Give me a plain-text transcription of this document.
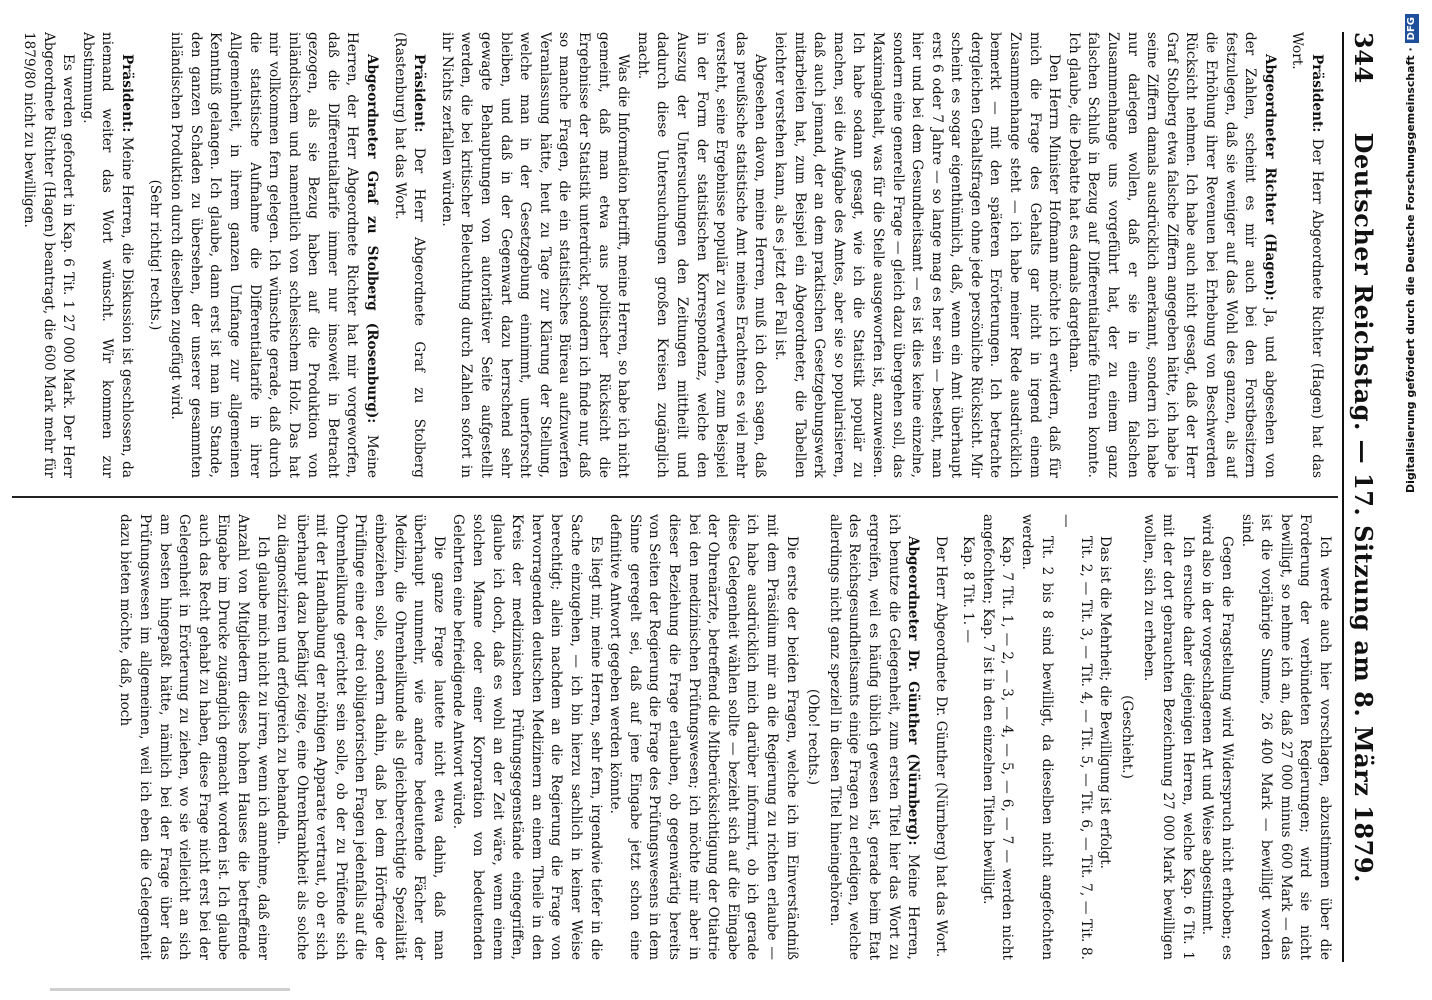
344
Deutscher Reichstag. — 17. Sitzung am 8. März 1879.

Präsident: Der Herr Abgeordnete Richter (Hagen) hat das Wort.

Abgeordneter Richter (Hagen): Ja, und abgesehen von der Zahlen, scheint es mir auch bei den Forstbesitzern festzulegen, daß sie weniger auf das Wohl des ganzen, als auf die Erhöhung ihrer Revenuen bei Erhebung von Beschwerden Rücksicht nehmen. Ich habe auch nicht gesagt, daß der Herr Graf Stolberg etwa falsche Ziffern angegeben hätte, ich habe ja seine Ziffern damals ausdrücklich anerkannt, sondern ich habe nur darlegen wollen, daß er sie in einem falschen Zusammenhange uns vorgeführt hat, der zu einem ganz falschen Schluß in Bezug auf Differentialtarife führen konnte. Ich glaube, die Debatte hat es damals dargethan.

Den Herrn Minister Hofmann möchte ich erwidern, daß für mich die Frage des Gehalts gar nicht in irgend einem Zusammenhange steht — ich habe meiner Rede ausdrücklich bemerkt — mit den späteren Erörterungen. Ich betrachte dergleichen Gehaltsfragen ohne jede persönliche Rücksicht. Mir scheint es sogar eigenthümlich, daß, wenn ein Amt überhaupt erst 6 oder 7 Jahre — so lange mag es her sein — besteht, man hier und bei dem Gesundheitsamt — es ist dies keine einzelne, sondern eine generelle Frage — gleich dazu übergehen soll, das Maximalgehalt, was für die Stelle ausgeworfen ist, anzuweisen. Ich habe sodann gesagt, wie ich die Statistik populär zu machen, sei die Aufgabe des Amtes, aber sie so popularisieren, daß auch jemand, der an dem praktischen Gesetzgebungswerk mitarbeiten hat, zum Beispiel ein Abgeordneter, die Tabellen leichter verstehen kann, als es jetzt der Fall ist.

Abgesehen davon, meine Herren, muß ich doch sagen, daß das preußische statistische Amt meines Erachtens es viel mehr versteht, seine Ergebnisse populär zu verwerthen, zum Beispiel in der Form der statistischen Korrespondenz, welche den Auszug der Untersuchungen den Zeitungen mittheilt und dadurch diese Untersuchungen großen Kreisen zugänglich macht.

Was die Information betrifft, meine Herren, so habe ich nicht gemeint, daß man etwa aus politischer Rücksicht die Ergebnisse der Statistik unterdrückt, sondern ich finde nur, daß so manche Fragen, die ein statistisches Büreau aufzuwerfen Veranlassung hätte, heut zu Tage zur Klärung der Stellung, welche man in der Gesetzgebung einnimmt, unerforscht bleiben, und daß in der Gegenwart dazu herrschend sehr gewagte Behauptungen von autoritativer Seite aufgestellt werden, die bei kritischer Beleuchtung durch Zahlen sofort in ihr Nichts zerfallen würden.

Präsident: Der Herr Abgeordnete Graf zu Stolberg (Rastenburg) hat das Wort.

Abgeordneter Graf zu Stolberg (Rosenburg): Meine Herren, der Herr Abgeordnete Richter hat mir vorgeworfen, daß die Differentialtarife immer nur insoweit in Betracht gezogen, als sie Bezug haben auf die Produktion von inländischem und namentlich von schlesischem Holz. Das hat mir vollkommen fern gelegen. Ich wünschte gerade, daß durch die statistische Aufnahme die Differentialtarife in ihrer Allgemeinheit, in ihrem ganzen Umfange zur allgemeinen Kenntniß gelangen. Ich glaube, dann erst ist man im Stande, den ganzen Schaden zu übersehen, der unserer gesammten inländischen Produktion durch dieselben zugefügt wird.

(Sehr richtig! rechts.)

Präsident: Meine Herren, die Diskussion ist geschlossen, da niemand weiter das Wort wünscht. Wir kommen zur Abstimmung.

Es werden gefordert in Kap. 6 Tit. 1 27 000 Mark. Der Herr Abgeordnete Richter (Hagen) beantragt, die 600 Mark mehr für 1879/80 nicht zu bewilligen.

Ich werde auch hier vorschlagen, abzustimmen über die Forderung der verbündeten Regierungen; wird sie nicht bewilligt, so nehme ich an, daß 27 000 minus 600 Mark — das ist die vorjährige Summe, 26 400 Mark — bewilligt worden sind.

Gegen die Fragstellung wird Widerspruch nicht erhoben; es wird also in der vorgeschlagenen Art und Weise abgestimmt.

Ich ersuche daher diejenigen Herren, welche Kap. 6 Tit. 1 mit der dort gebrauchten Bezeichnung 27 000 Mark bewilligen wollen, sich zu erheben.

(Geschieht.)

Das ist die Mehrheit; die Bewilligung ist erfolgt.

Tit. 2, — Tit. 3, — Tit. 4, — Tit. 5, — Tit. 6, — Tit. 7, — Tit. 8. —

Tit. 2 bis 8 sind bewilligt, da dieselben nicht angefochten werden.

Kap. 7 Tit. 1, — 2, — 3, — 4, — 5, — 6, — 7 — werden nicht angefochten; Kap. 7 ist in den einzelnen Titeln bewilligt.

Kap. 8 Tit. 1. —

Der Herr Abgeordnete Dr. Günther (Nürnberg) hat das Wort.

Abgeordneter Dr. Günther (Nürnberg): Meine Herren, ich benutze die Gelegenheit, zum ersten Titel hier das Wort zu ergreifen, weil es häufig üblich gewesen ist, gerade beim Etat des Reichsgesundheitsamts einige Fragen zu erledigen, welche allerdings nicht ganz speziell in diesen Titel hineingehören.

(Oho! rechts.)

Die erste der beiden Fragen, welche ich im Einverständniß mit dem Präsidium mir an die Regierung zu richten erlaube — ich habe ausdrücklich mich darüber informirt, ob ich gerade diese Gelegenheit wählen sollte — bezieht sich auf die Eingabe der Ohrenärzte, betreffend die Mitberücksichtigung der Otiatrie bei den medizinischen Prüfungswesen; ich möchte mir aber in dieser Beziehung die Frage erlauben, ob gegenwärtig bereits von Seiten der Regierung die Frage des Prüfungswesens in dem Sinne geregelt sei, daß auf jene Eingabe jetzt schon eine definitive Antwort gegeben werden könnte.

Es liegt mir, meine Herren, sehr fern, irgendwie tiefer in die Sache einzugehen, — ich bin hierzu sachlich in keiner Weise berechtigt; allein nachdem an die Regierung die Frage von hervorragenden deutschen Medizinern an einem Theile in den Kreis der medizinischen Prüfungsgegenstände eingegriffen, glaube ich doch, daß es wohl an der Zeit wäre, wenn einem solchen Manne oder einer Korporation von bedeutenden Gelehrten eine befriedigende Antwort würde.

Die ganze Frage lautete nicht etwa dahin, daß man überhaupt nunmehr, wie andere bedeutende Fächer der Medizin, die Ohrenheilkunde als gleichberechtigte Spezialität einbeziehen solle, sondern dahin, daß bei dem Hörfrage der Prüflinge eine der drei obligatorischen Fragen jedenfalls auf die Ohrenheilkunde gerichtet sein solle, ob der zu Prüfende sich mit der Handhabung der nöthigen Apparate vertraut, ob er sich überhaupt dazu befähigt zeige, eine Ohrenkrankheit als solche zu diagnostiziren und erfolgreich zu behandeln.

Ich glaube mich nicht zu irren, wenn ich annehme, daß einer Anzahl von Mitgliedern dieses hohen Hauses die betreffende Eingabe im Drucke zugänglich gemacht worden ist. Ich glaube auch das Recht gehabt zu haben, diese Frage nicht erst bei der Gelegenheit in Erörterung zu ziehen, wo sie vielleicht an sich am besten hingepaßt hätte, nämlich bei der Frage über das Prüfungswesen im allgemeinen, weil ich eben die Gelegenheit dazu bieten möchte, daß, noch

Digitalisierung gefördert durch die Deutsche Forschungsgemeinschaft ·DFG
